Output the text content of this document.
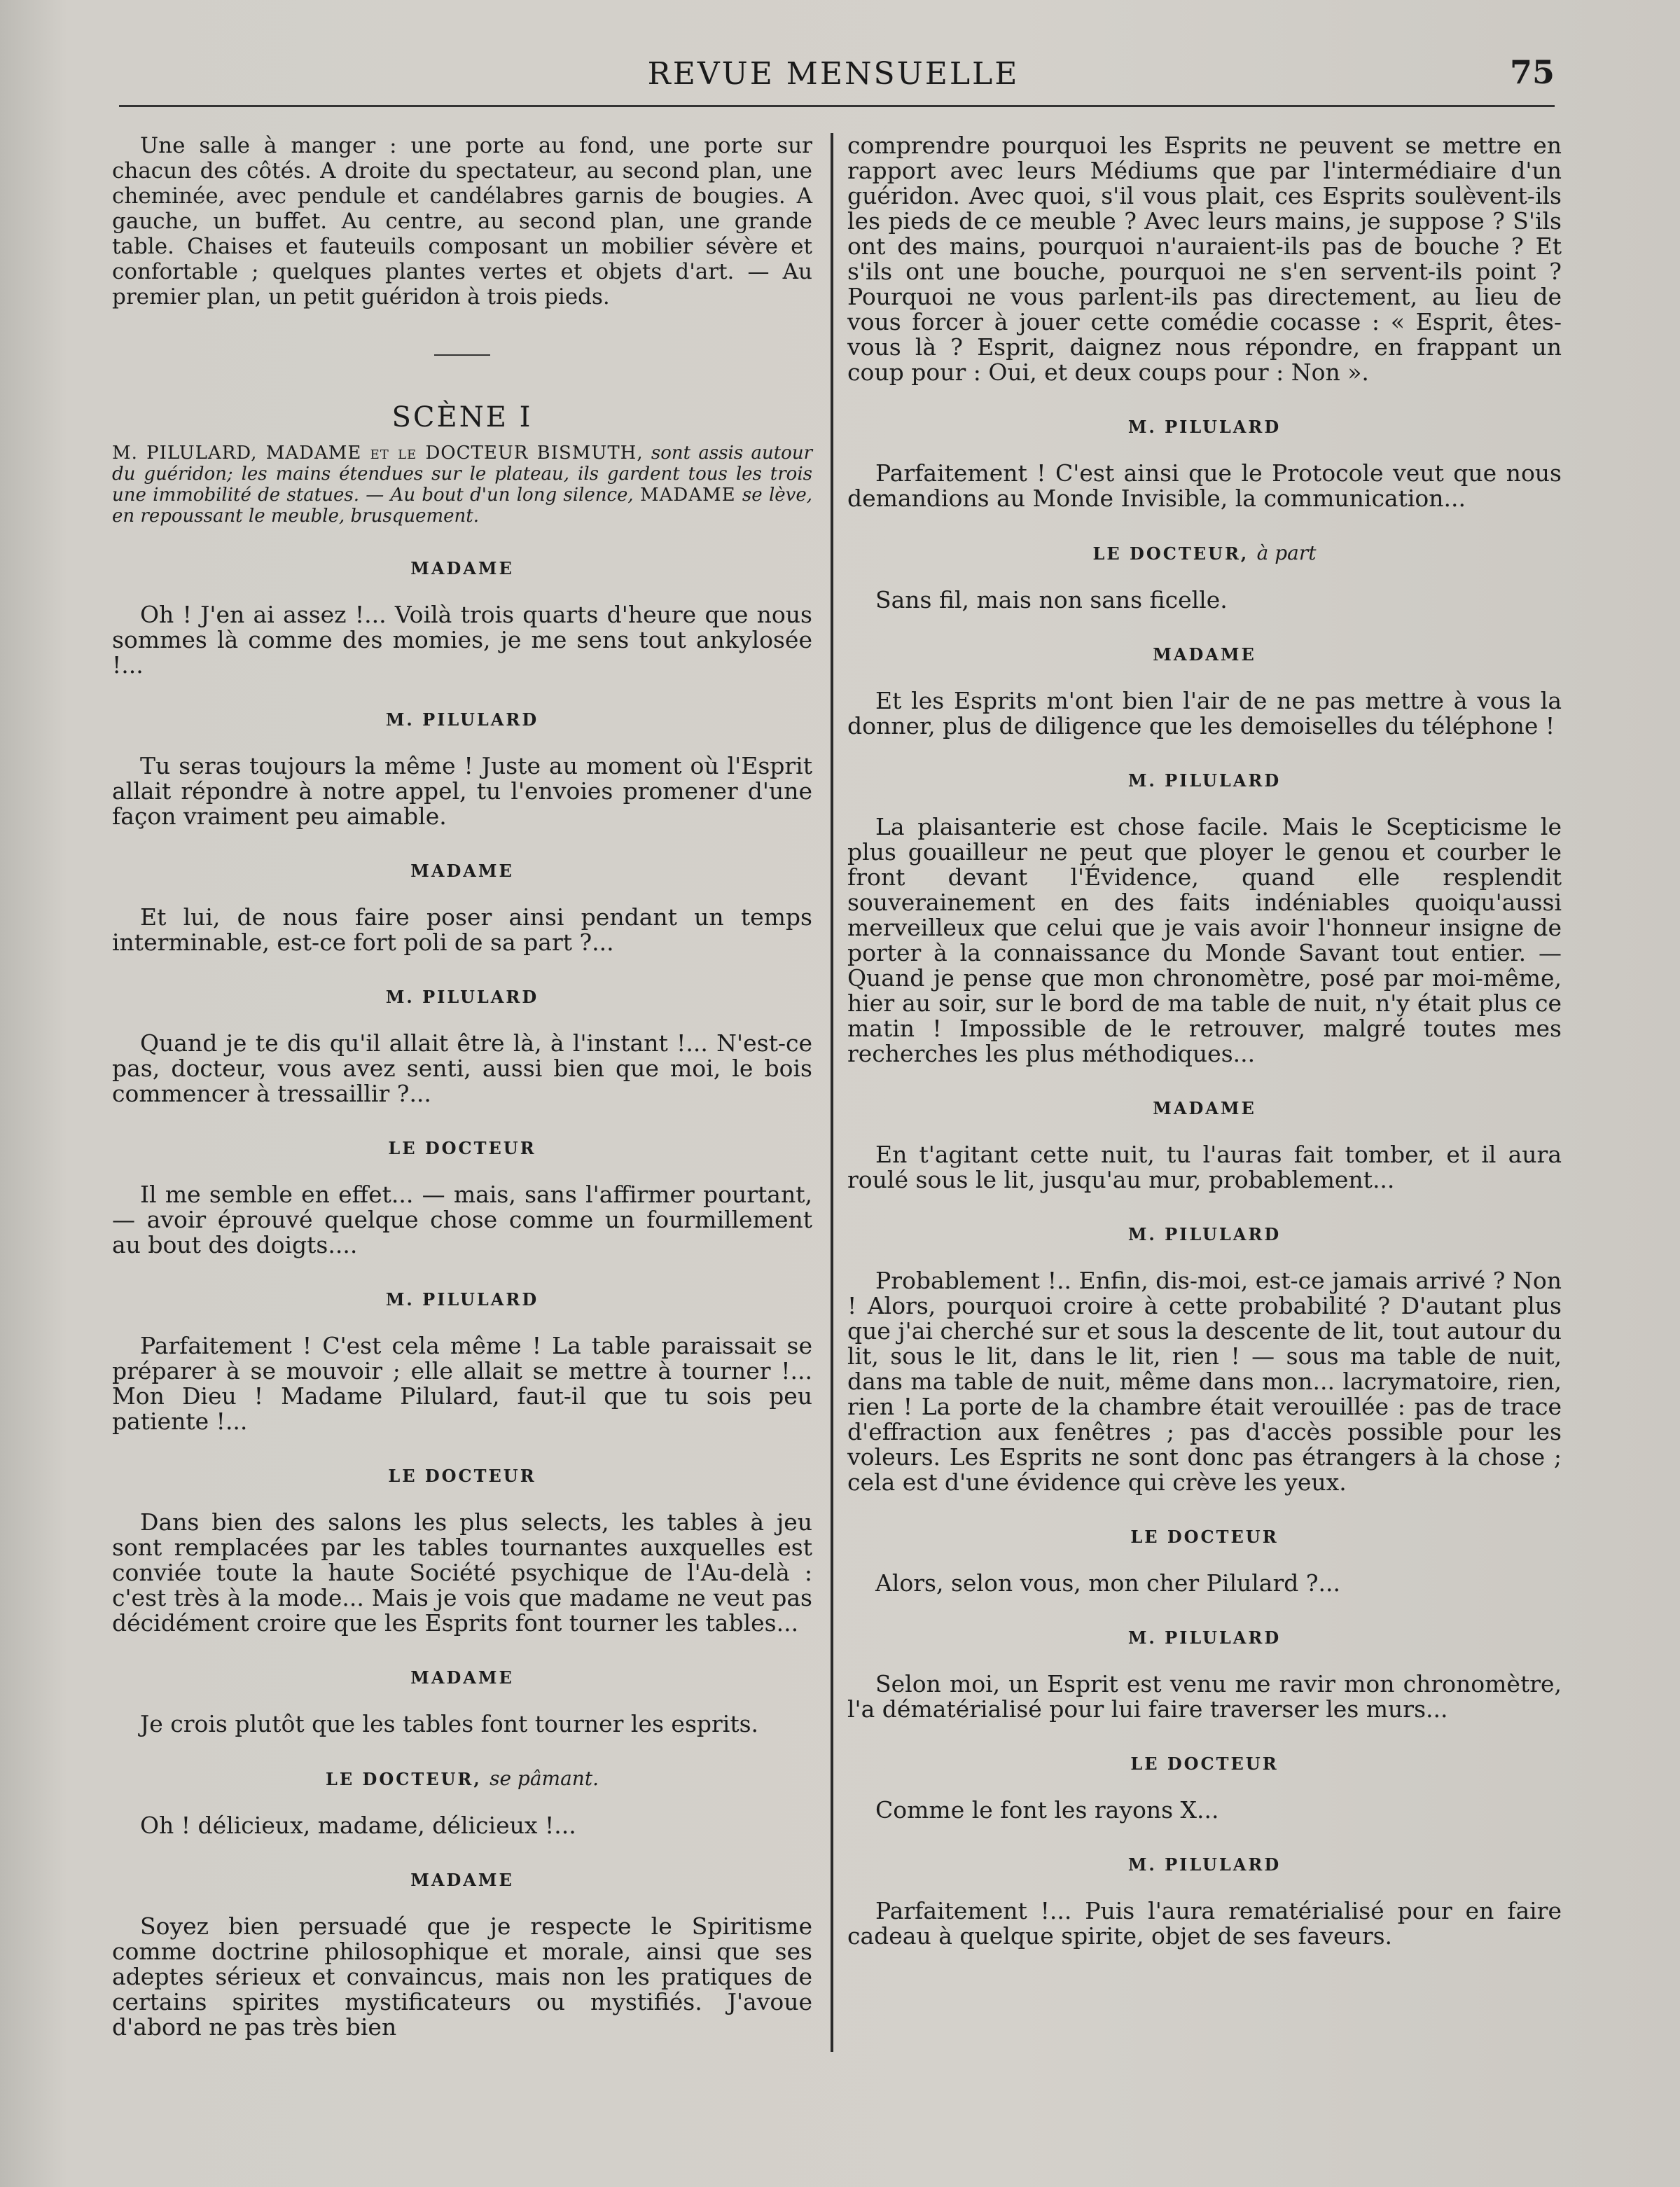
REVUE MENSUELLE	75

Une salle à manger : une porte au fond, une porte sur chacun des côtés. A droite du spectateur, au second plan, une cheminée, avec pendule et candélabres garnis de bougies. A gauche, un buffet. Au centre, au second plan, une grande table. Chaises et fauteuils composant un mobilier sévère et confortable ; quelques plantes vertes et objets d'art. — Au premier plan, un petit guéridon à trois pieds.

SCÈNE I

M. PILULARD, MADAME et le DOCTEUR BISMUTH, sont assis autour du guéridon; les mains étendues sur le plateau, ils gardent tous les trois une immobilité de statues. — Au bout d'un long silence, MADAME se lève, en repoussant le meuble, brusquement.

MADAME

Oh ! J'en ai assez !... Voilà trois quarts d'heure que nous sommes là comme des momies, je me sens tout ankylosée !...

M. PILULARD

Tu seras toujours la même ! Juste au moment où l'Esprit allait répondre à notre appel, tu l'envoies promener d'une façon vraiment peu aimable.

MADAME

Et lui, de nous faire poser ainsi pendant un temps interminable, est-ce fort poli de sa part ?...

M. PILULARD

Quand je te dis qu'il allait être là, à l'instant !... N'est-ce pas, docteur, vous avez senti, aussi bien que moi, le bois commencer à tressaillir ?...

LE DOCTEUR

Il me semble en effet... — mais, sans l'affirmer pourtant, — avoir éprouvé quelque chose comme un fourmillement au bout des doigts....

M. PILULARD

Parfaitement ! C'est cela même ! La table paraissait se préparer à se mouvoir ; elle allait se mettre à tourner !... Mon Dieu ! Madame Pilulard, faut-il que tu sois peu patiente !...

LE DOCTEUR

Dans bien des salons les plus selects, les tables à jeu sont remplacées par les tables tournantes auxquelles est conviée toute la haute Société psychique de l'Au-delà : c'est très à la mode... Mais je vois que madame ne veut pas décidément croire que les Esprits font tourner les tables...

MADAME

Je crois plutôt que les tables font tourner les esprits.

LE DOCTEUR, se pâmant.

Oh ! délicieux, madame, délicieux !...

MADAME

Soyez bien persuadé que je respecte le Spiritisme comme doctrine philosophique et morale, ainsi que ses adeptes sérieux et convaincus, mais non les pratiques de certains spirites mystificateurs ou mystifiés. J'avoue d'abord ne pas très bien

comprendre pourquoi les Esprits ne peuvent se mettre en rapport avec leurs Médiums que par l'intermédiaire d'un guéridon. Avec quoi, s'il vous plait, ces Esprits soulèvent-ils les pieds de ce meuble ? Avec leurs mains, je suppose ? S'ils ont des mains, pourquoi n'auraient-ils pas de bouche ? Et s'ils ont une bouche, pourquoi ne s'en servent-ils point ? Pourquoi ne vous parlent-ils pas directement, au lieu de vous forcer à jouer cette comédie cocasse : « Esprit, êtes-vous là ? Esprit, daignez nous répondre, en frappant un coup pour : Oui, et deux coups pour : Non ».

M. PILULARD

Parfaitement ! C'est ainsi que le Protocole veut que nous demandions au Monde Invisible, la communication...

LE DOCTEUR, à part

Sans fil, mais non sans ficelle.

MADAME

Et les Esprits m'ont bien l'air de ne pas mettre à vous la donner, plus de diligence que les demoiselles du téléphone !

M. PILULARD

La plaisanterie est chose facile. Mais le Scepticisme le plus gouailleur ne peut que ployer le genou et courber le front devant l'Évidence, quand elle resplendit souverainement en des faits indéniables quoiqu'aussi merveilleux que celui que je vais avoir l'honneur insigne de porter à la connaissance du Monde Savant tout entier. — Quand je pense que mon chronomètre, posé par moi-même, hier au soir, sur le bord de ma table de nuit, n'y était plus ce matin ! Impossible de le retrouver, malgré toutes mes recherches les plus méthodiques...

MADAME

En t'agitant cette nuit, tu l'auras fait tomber, et il aura roulé sous le lit, jusqu'au mur, probablement...

M. PILULARD

Probablement !.. Enfin, dis-moi, est-ce jamais arrivé ? Non ! Alors, pourquoi croire à cette probabilité ? D'autant plus que j'ai cherché sur et sous la descente de lit, tout autour du lit, sous le lit, dans le lit, rien ! — sous ma table de nuit, dans ma table de nuit, même dans mon... lacrymatoire, rien, rien ! La porte de la chambre était verouillée : pas de trace d'effraction aux fenêtres ; pas d'accès possible pour les voleurs. Les Esprits ne sont donc pas étrangers à la chose ; cela est d'une évidence qui crève les yeux.

LE DOCTEUR

Alors, selon vous, mon cher Pilulard ?...

M. PILULARD

Selon moi, un Esprit est venu me ravir mon chronomètre, l'a dématérialisé pour lui faire traverser les murs...

LE DOCTEUR

Comme le font les rayons X...

M. PILULARD

Parfaitement !... Puis l'aura rematérialisé pour en faire cadeau à quelque spirite, objet de ses faveurs.
